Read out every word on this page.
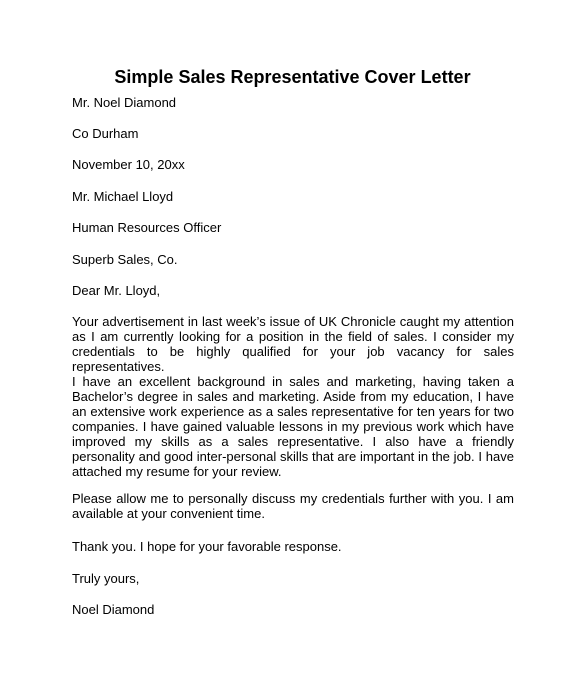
Simple Sales Representative Cover Letter
Mr. Noel Diamond
Co Durham
November 10, 20xx
Mr. Michael Lloyd
Human Resources Officer
Superb Sales, Co.
Dear Mr. Lloyd,
Your advertisement in last week’s issue of UK Chronicle caught my attention as I am currently looking for a position in the field of sales. I consider my credentials to be highly qualified for your job vacancy for sales representatives.
I have an excellent background in sales and marketing, having taken a Bachelor’s degree in sales and marketing. Aside from my education, I have an extensive work experience as a sales representative for ten years for two companies. I have gained valuable lessons in my previous work which have improved my skills as a sales representative. I also have a friendly personality and good inter-personal skills that are important in the job. I have attached my resume for your review.
Please allow me to personally discuss my credentials further with you. I am available at your convenient time.
Thank you. I hope for your favorable response.
Truly yours,
Noel Diamond
